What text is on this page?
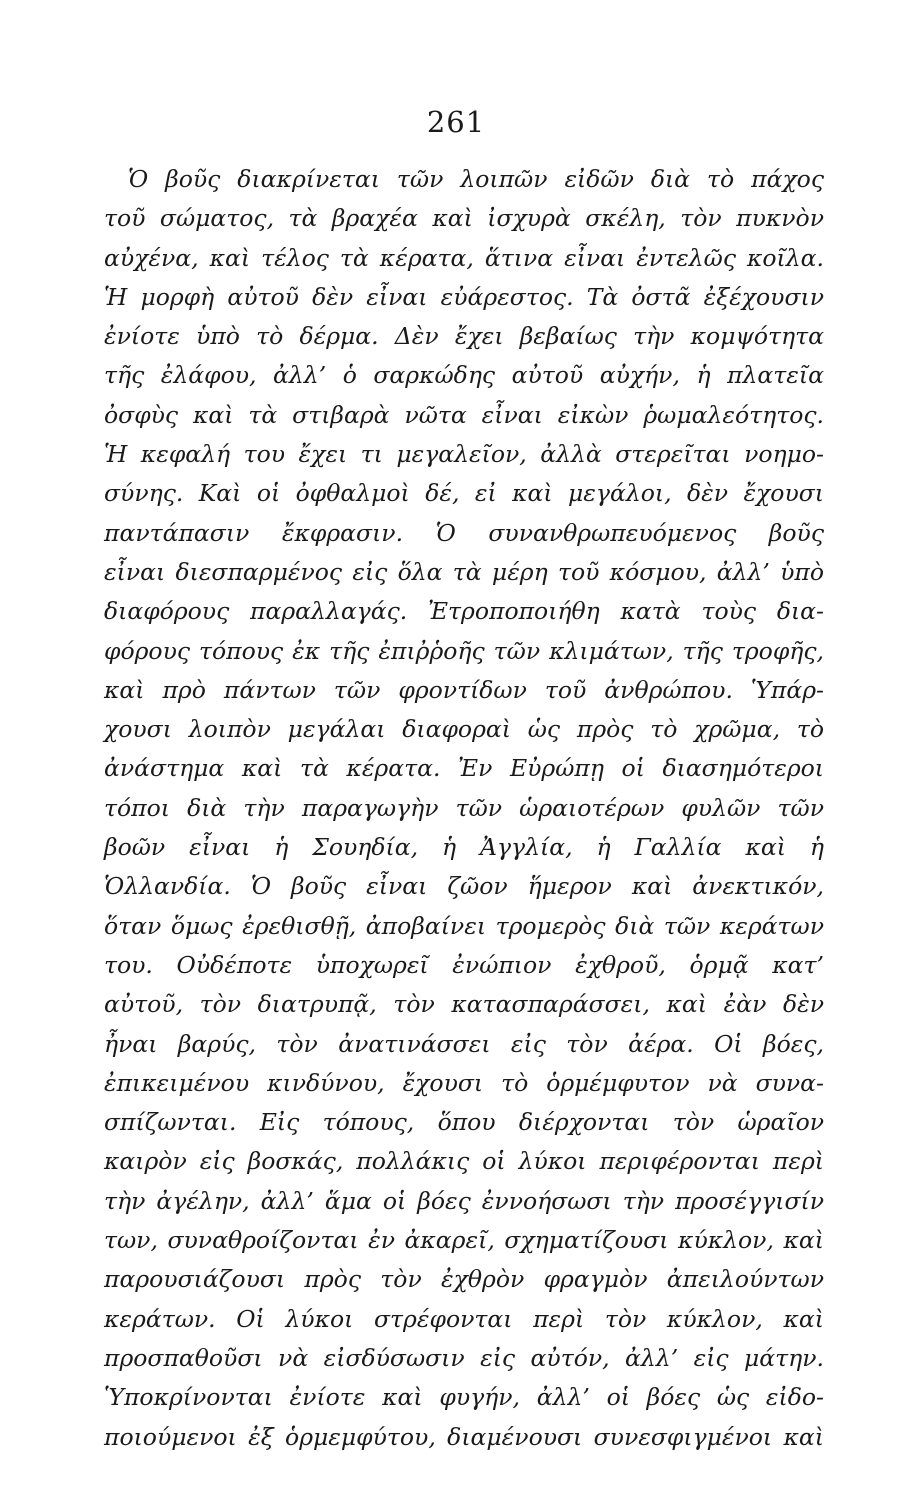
261
Ὁ βοῦς διακρίνεται τῶν λοιπῶν εἰδῶν διὰ τὸ πάχος
τοῦ σώματος, τὰ βραχέα καὶ ἰσχυρὰ σκέλη, τὸν πυκνὸν
αὐχένα, καὶ τέλος τὰ κέρατα, ἅτινα εἶναι ἐντελῶς κοῖλα.
Ἡ μορφὴ αὐτοῦ δὲν εἶναι εὐάρεστος. Τὰ ὀστᾶ ἐξέχουσιν
ἐνίοτε ὑπὸ τὸ δέρμα. Δὲν ἔχει βεβαίως τὴν κομψότητα
τῆς ἐλάφου, ἀλλ’ ὁ σαρκώδης αὐτοῦ αὐχήν, ἡ πλατεῖα
ὀσφὺς καὶ τὰ στιβαρὰ νῶτα εἶναι εἰκὼν ῥωμαλεότητος.
Ἡ κεφαλή του ἔχει τι μεγαλεῖον, ἀλλὰ στερεῖται νοημο-
σύνης. Καὶ οἱ ὀφθαλμοὶ δέ, εἰ καὶ μεγάλοι, δὲν ἔχουσι
παντάπασιν ἔκφρασιν. Ὁ συνανθρωπευόμενος βοῦς
εἶναι διεσπαρμένος εἰς ὅλα τὰ μέρη τοῦ κόσμου, ἀλλ’ ὑπὸ
διαφόρους παραλλαγάς. Ἐτροποποιήθη κατὰ τοὺς δια-
φόρους τόπους ἐκ τῆς ἐπιῤῥοῆς τῶν κλιμάτων, τῆς τροφῆς,
καὶ πρὸ πάντων τῶν φροντίδων τοῦ ἀνθρώπου. Ὑπάρ-
χουσι λοιπὸν μεγάλαι διαφοραὶ ὡς πρὸς τὸ χρῶμα, τὸ
ἀνάστημα καὶ τὰ κέρατα. Ἐν Εὐρώπῃ οἱ διασημότεροι
τόποι διὰ τὴν παραγωγὴν τῶν ὡραιοτέρων φυλῶν τῶν
βοῶν εἶναι ἡ Σουηδία, ἡ Ἀγγλία, ἡ Γαλλία καὶ ἡ
Ὁλλανδία. Ὁ βοῦς εἶναι ζῶον ἥμερον καὶ ἀνεκτικόν,
ὅταν ὅμως ἐρεθισθῇ, ἀποβαίνει τρομερὸς διὰ τῶν κεράτων
του. Οὐδέποτε ὑποχωρεῖ ἐνώπιον ἐχθροῦ, ὁρμᾷ κατ’
αὐτοῦ, τὸν διατρυπᾷ, τὸν κατασπαράσσει, καὶ ἐὰν δὲν
ἦναι βαρύς, τὸν ἀνατινάσσει εἰς τὸν ἀέρα. Οἱ βόες,
ἐπικειμένου κινδύνου, ἔχουσι τὸ ὁρμέμφυτον νὰ συνα-
σπίζωνται. Εἰς τόπους, ὅπου διέρχονται τὸν ὡραῖον
καιρὸν εἰς βοσκάς, πολλάκις οἱ λύκοι περιφέρονται περὶ
τὴν ἀγέλην, ἀλλ’ ἅμα οἱ βόες ἐννοήσωσι τὴν προσέγγισίν
των, συναθροίζονται ἐν ἀκαρεῖ, σχηματίζουσι κύκλον, καὶ
παρουσιάζουσι πρὸς τὸν ἐχθρὸν φραγμὸν ἀπειλούντων
κεράτων. Οἱ λύκοι στρέφονται περὶ τὸν κύκλον, καὶ
προσπαθοῦσι νὰ εἰσδύσωσιν εἰς αὐτόν, ἀλλ’ εἰς μάτην.
Ὑποκρίνονται ἐνίοτε καὶ φυγήν, ἀλλ’ οἱ βόες ὡς εἰδο-
ποιούμενοι ἐξ ὁρμεμφύτου, διαμένουσι συνεσφιγμένοι καὶ
